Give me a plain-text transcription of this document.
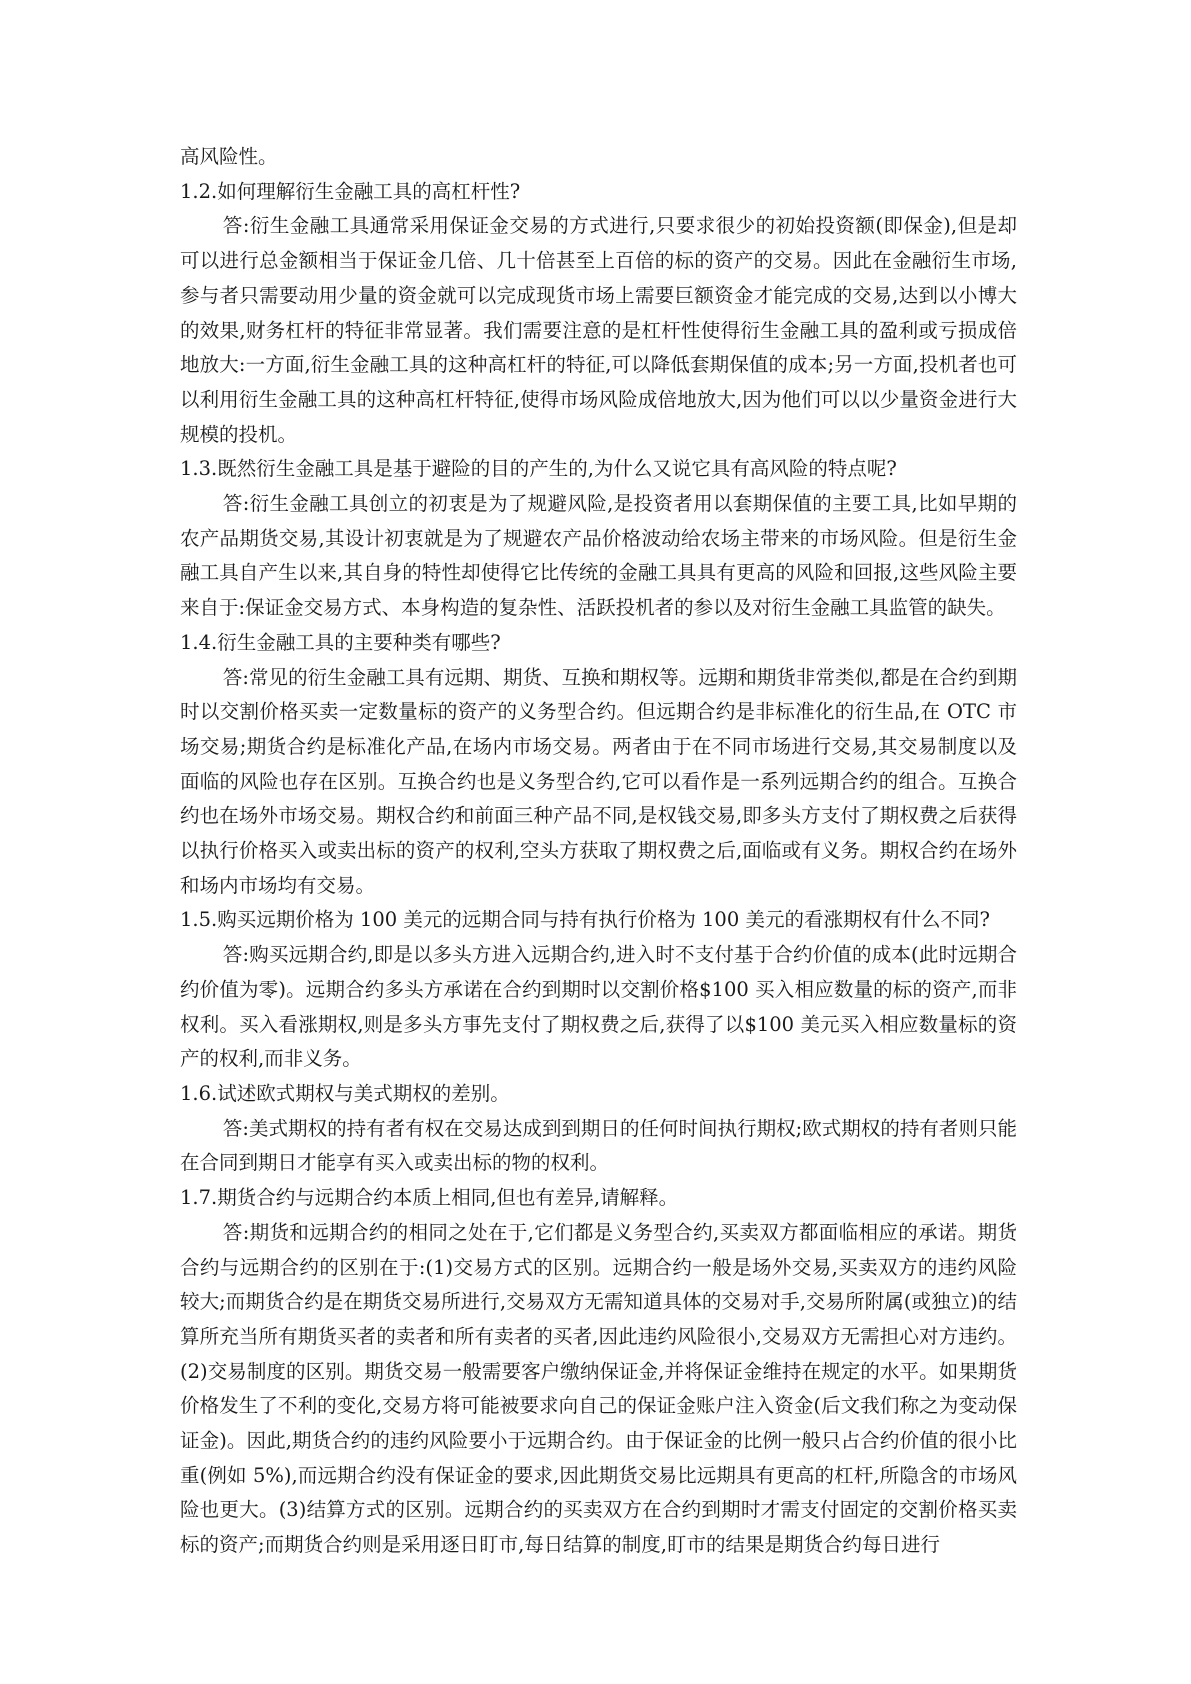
高风险性。

1.2.如何理解衍生金融工具的高杠杆性?

答:衍生金融工具通常采用保证金交易的方式进行,只要求很少的初始投资额(即保金),但是却可以进行总金额相当于保证金几倍、几十倍甚至上百倍的标的资产的交易。因此在金融衍生市场,参与者只需要动用少量的资金就可以完成现货市场上需要巨额资金才能完成的交易,达到以小博大的效果,财务杠杆的特征非常显著。我们需要注意的是杠杆性使得衍生金融工具的盈利或亏损成倍地放大:一方面,衍生金融工具的这种高杠杆的特征,可以降低套期保值的成本;另一方面,投机者也可以利用衍生金融工具的这种高杠杆特征,使得市场风险成倍地放大,因为他们可以以少量资金进行大规模的投机。

1.3.既然衍生金融工具是基于避险的目的产生的,为什么又说它具有高风险的特点呢?

答:衍生金融工具创立的初衷是为了规避风险,是投资者用以套期保值的主要工具,比如早期的农产品期货交易,其设计初衷就是为了规避农产品价格波动给农场主带来的市场风险。但是衍生金融工具自产生以来,其自身的特性却使得它比传统的金融工具具有更高的风险和回报,这些风险主要来自于:保证金交易方式、本身构造的复杂性、活跃投机者的参以及对衍生金融工具监管的缺失。

1.4.衍生金融工具的主要种类有哪些?

答:常见的衍生金融工具有远期、期货、互换和期权等。远期和期货非常类似,都是在合约到期时以交割价格买卖一定数量标的资产的义务型合约。但远期合约是非标准化的衍生品,在 OTC 市场交易;期货合约是标准化产品,在场内市场交易。两者由于在不同市场进行交易,其交易制度以及面临的风险也存在区别。互换合约也是义务型合约,它可以看作是一系列远期合约的组合。互换合约也在场外市场交易。期权合约和前面三种产品不同,是权钱交易,即多头方支付了期权费之后获得以执行价格买入或卖出标的资产的权利,空头方获取了期权费之后,面临或有义务。期权合约在场外和场内市场均有交易。

1.5.购买远期价格为 100 美元的远期合同与持有执行价格为 100 美元的看涨期权有什么不同?

答:购买远期合约,即是以多头方进入远期合约,进入时不支付基于合约价值的成本(此时远期合约价值为零)。远期合约多头方承诺在合约到期时以交割价格$100 买入相应数量的标的资产,而非权利。买入看涨期权,则是多头方事先支付了期权费之后,获得了以$100 美元买入相应数量标的资产的权利,而非义务。

1.6.试述欧式期权与美式期权的差别。

答:美式期权的持有者有权在交易达成到到期日的任何时间执行期权;欧式期权的持有者则只能在合同到期日才能享有买入或卖出标的物的权利。

1.7.期货合约与远期合约本质上相同,但也有差异,请解释。

答:期货和远期合约的相同之处在于,它们都是义务型合约,买卖双方都面临相应的承诺。期货合约与远期合约的区别在于:(1)交易方式的区别。远期合约一般是场外交易,买卖双方的违约风险较大;而期货合约是在期货交易所进行,交易双方无需知道具体的交易对手,交易所附属(或独立)的结算所充当所有期货买者的卖者和所有卖者的买者,因此违约风险很小,交易双方无需担心对方违约。(2)交易制度的区别。期货交易一般需要客户缴纳保证金,并将保证金维持在规定的水平。如果期货价格发生了不利的变化,交易方将可能被要求向自己的保证金账户注入资金(后文我们称之为变动保证金)。因此,期货合约的违约风险要小于远期合约。由于保证金的比例一般只占合约价值的很小比重(例如 5%),而远期合约没有保证金的要求,因此期货交易比远期具有更高的杠杆,所隐含的市场风险也更大。(3)结算方式的区别。远期合约的买卖双方在合约到期时才需支付固定的交割价格买卖标的资产;而期货合约则是采用逐日盯市,每日结算的制度,盯市的结果是期货合约每日进行
